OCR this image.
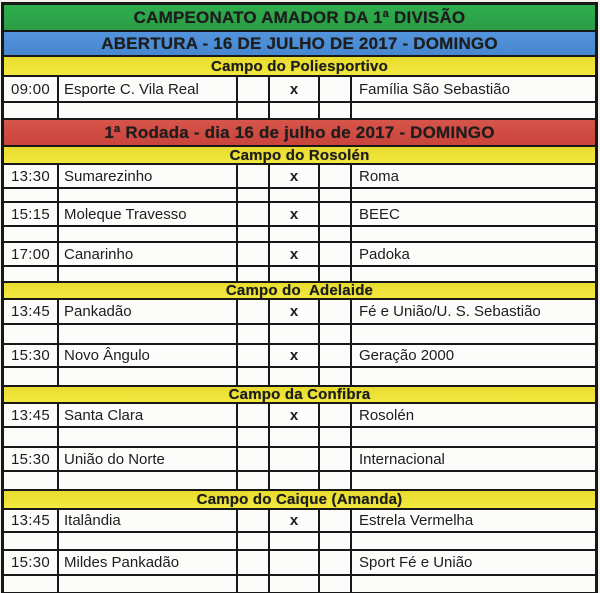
CAMPEONATO AMADOR DA 1ª DIVISÃO
ABERTURA - 16 DE JULHO DE 2017 - DOMINGO
Campo do Poliesportivo
09:00 Esporte C. Vila Real	x	Família São Sebastião
1ª Rodada - dia 16 de julho de 2017 - DOMINGO
Campo do Rosolén
13:30 Sumarezinho	x	Roma
15:15 Moleque Travesso	x	BEEC
17:00 Canarinho	x	Padoka
Campo do  Adelaide
13:45 Pankadão	x	Fé e União/U. S. Sebastião
15:30 Novo Ângulo	x	Geração 2000
Campo da Confibra
13:45 Santa Clara	x	Rosolén
15:30 União do Norte	Internacional
Campo do Caique (Amanda)
13:45 Italândia	x	Estrela Vermelha
15:30 Mildes Pankadão	Sport Fé e União
